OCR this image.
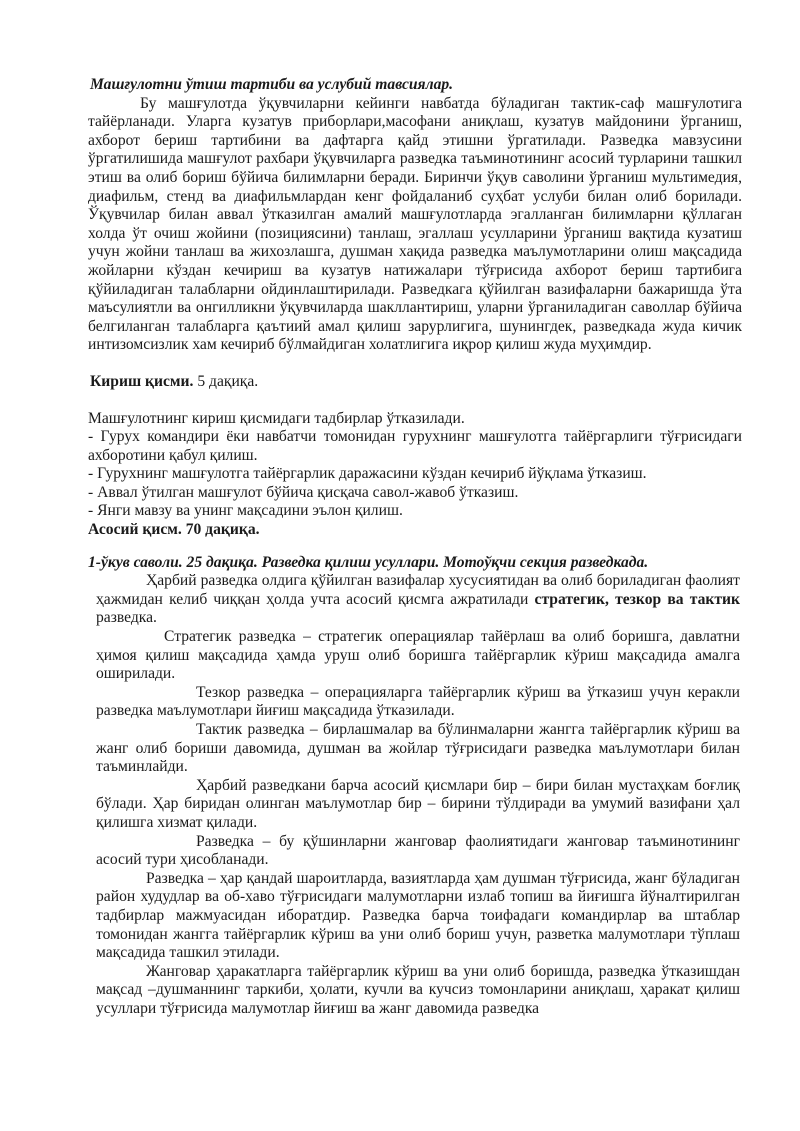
Машғулотни ўтиш тартиби ва услубий тавсиялар.

Бу машғулотда ўқувчиларни кейинги навбатда бўладиган тактик-саф машғулотига тайёрланади. Уларга кузатув приборлари,масофани аниқлаш, кузатув майдонини ўрганиш, ахборот бериш тартибини ва дафтарга қайд этишни ўргатилади. Разведка мавзусини ўргатилишида машғулот рахбари ўқувчиларга разведка таъминотининг асосий турларини ташкил этиш ва олиб бориш бўйича билимларни беради. Биринчи ўқув саволини ўрганиш мультимедия, диафильм, стенд ва диафильмлардан кенг фойдаланиб суҳбат услуби билан олиб борилади. Ўқувчилар билан аввал ўтказилган амалий машғулотларда эгалланган билимларни қўллаган холда ўт очиш жойини (позициясини) танлаш, эгаллаш усулларини ўрганиш вақтида кузатиш учун жойни танлаш ва жихозлашга, душман хақида разведка маълумотларини олиш мақсадида жойларни кўздан кечириш ва кузатув натижалари тўғрисида ахборот бериш тартибига қўйиладиган талабларни ойдинлаштирилади. Разведкага қўйилган вазифаларни бажаришда ўта маъсулиятли ва онгилликни ўқувчиларда шакллантириш, уларни ўрганиладиган саволлар бўйича белгиланган талабларга қаътиий амал қилиш зарурлигига, шунингдек, разведкада жуда кичик интизомсизлик хам кечириб бўлмайдиган холатлигига иқрор қилиш жуда муҳимдир.

Кириш қисми. 5 дақиқа.

Машғулотнинг кириш қисмидаги тадбирлар ўтказилади.

- Гурух командири ёки навбатчи томонидан гурухнинг машғулотга тайёргарлиги тўғрисидаги ахборотини қабул қилиш.

- Гурухнинг машғулотга тайёргарлик даражасини кўздан кечириб йўқлама ўтказиш.

- Аввал ўтилган машғулот бўйича қисқача савол-жавоб ўтказиш.

- Янги мавзу ва унинг мақсадини эълон қилиш.

Асосий қисм. 70 дақиқа.

1-ўкув саволи. 25 дақиқа. Разведка қилиш усуллари. Мотоўқчи секция разведкада.

Ҳарбий разведка олдига қўйилган вазифалар хусусиятидан ва олиб бориладиган фаолият ҳажмидан келиб чиққан ҳолда учта асосий қисмга ажратилади стратегик, тезкор ва тактик разведка.

Стратегик разведка – стратегик операциялар тайёрлаш ва олиб боришга, давлатни ҳимоя қилиш мақсадида ҳамда уруш олиб боришга тайёргарлик кўриш мақсадида амалга оширилади.

Тезкор разведка – операцияларга тайёргарлик кўриш ва ўтказиш учун керакли разведка маълумотлари йиғиш мақсадида ўтказилади.

Тактик разведка – бирлашмалар ва бўлинмаларни жангга тайёргарлик кўриш ва жанг олиб бориши давомида, душман ва жойлар тўғрисидаги разведка маълумотлари билан таъминлайди.

Ҳарбий разведкани барча асосий қисмлари бир – бири билан мустаҳкам боғлиқ бўлади. Ҳар биридан олинган маълумотлар бир – бирини тўлдиради ва умумий вазифани ҳал қилишга хизмат қилади.

Разведка – бу қўшинларни жанговар фаолиятидаги жанговар таъминотининг асосий тури ҳисобланади.

Разведка – ҳар қандай шароитларда, вазиятларда ҳам душман тўғрисида, жанг бўладиган район худудлар ва об-хаво тўғрисидаги малумотларни излаб топиш ва йиғишга йўналтирилган тадбирлар мажмуасидан иборатдир. Разведка барча тоифадаги командирлар ва штаблар томонидан жангга тайёргарлик кўриш ва уни олиб бориш учун, разветка малумотлари тўплаш мақсадида ташкил этилади.

Жанговар ҳаракатларга тайёргарлик кўриш ва уни олиб боришда, разведка ўтказишдан мақсад –душманнинг таркиби, ҳолати, кучли ва кучсиз томонларини аниқлаш, ҳаракат қилиш усуллари тўғрисида малумотлар йиғиш ва жанг давомида разведка
